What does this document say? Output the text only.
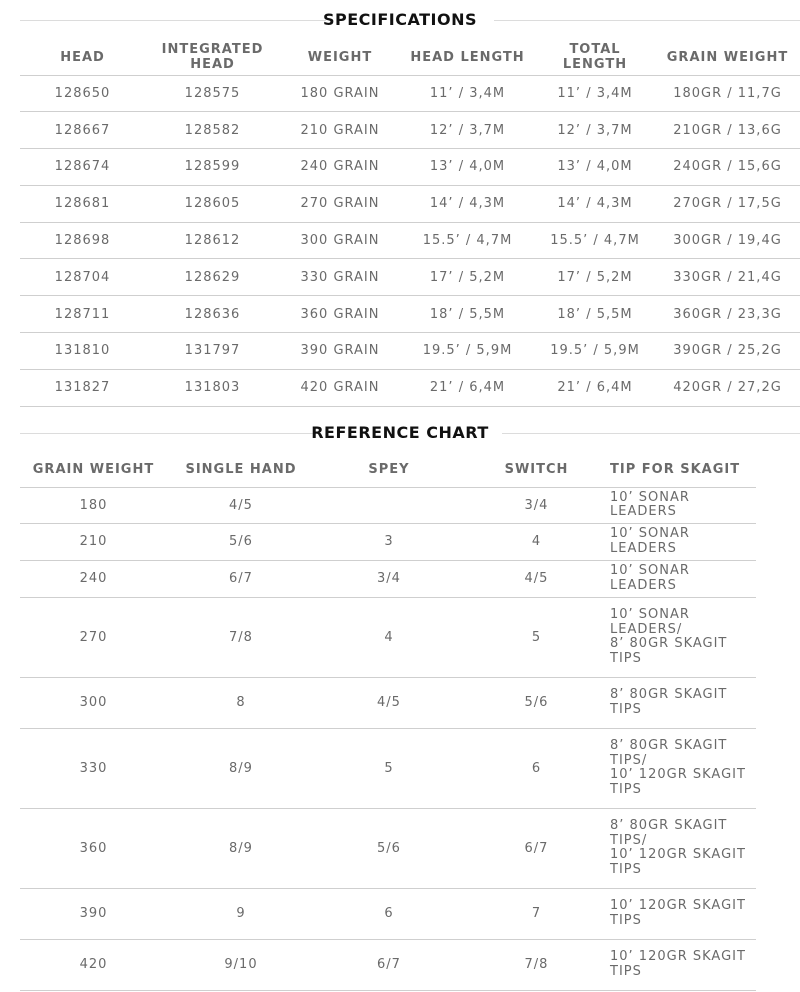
SPECIFICATIONS
HEAD	INTEGRATED HEAD	WEIGHT	HEAD LENGTH	TOTAL LENGTH	GRAIN WEIGHT
128650	128575	180 GRAIN	11’ / 3,4M	11’ / 3,4M	180GR / 11,7G
128667	128582	210 GRAIN	12’ / 3,7M	12’ / 3,7M	210GR / 13,6G
128674	128599	240 GRAIN	13’ / 4,0M	13’ / 4,0M	240GR / 15,6G
128681	128605	270 GRAIN	14’ / 4,3M	14’ / 4,3M	270GR / 17,5G
128698	128612	300 GRAIN	15.5’ / 4,7M	15.5’ / 4,7M	300GR / 19,4G
128704	128629	330 GRAIN	17’ / 5,2M	17’ / 5,2M	330GR / 21,4G
128711	128636	360 GRAIN	18’ / 5,5M	18’ / 5,5M	360GR / 23,3G
131810	131797	390 GRAIN	19.5’ / 5,9M	19.5’ / 5,9M	390GR / 25,2G
131827	131803	420 GRAIN	21’ / 6,4M	21’ / 6,4M	420GR / 27,2G
REFERENCE CHART
GRAIN WEIGHT	SINGLE HAND	SPEY	SWITCH	TIP FOR SKAGIT
180	4/5		3/4	10’ SONAR LEADERS

210	5/6	3	4	10’ SONAR LEADERS

240	6/7	3/4	4/5	10’ SONAR LEADERS

270	7/8	4	5	10’ SONAR
LEADERS/
8’ 80GR SKAGIT
TIPS

300	8	4/5	5/6	8’ 80GR SKAGIT
TIPS

330	8/9	5	6	8’ 80GR SKAGIT
TIPS/
10’ 120GR SKAGIT
TIPS

360	8/9	5/6	6/7	8’ 80GR SKAGIT
TIPS/
10’ 120GR SKAGIT
TIPS

390	9	6	7	10’ 120GR SKAGIT
TIPS

420	9/10	6/7	7/8	10’ 120GR SKAGIT
TIPS
